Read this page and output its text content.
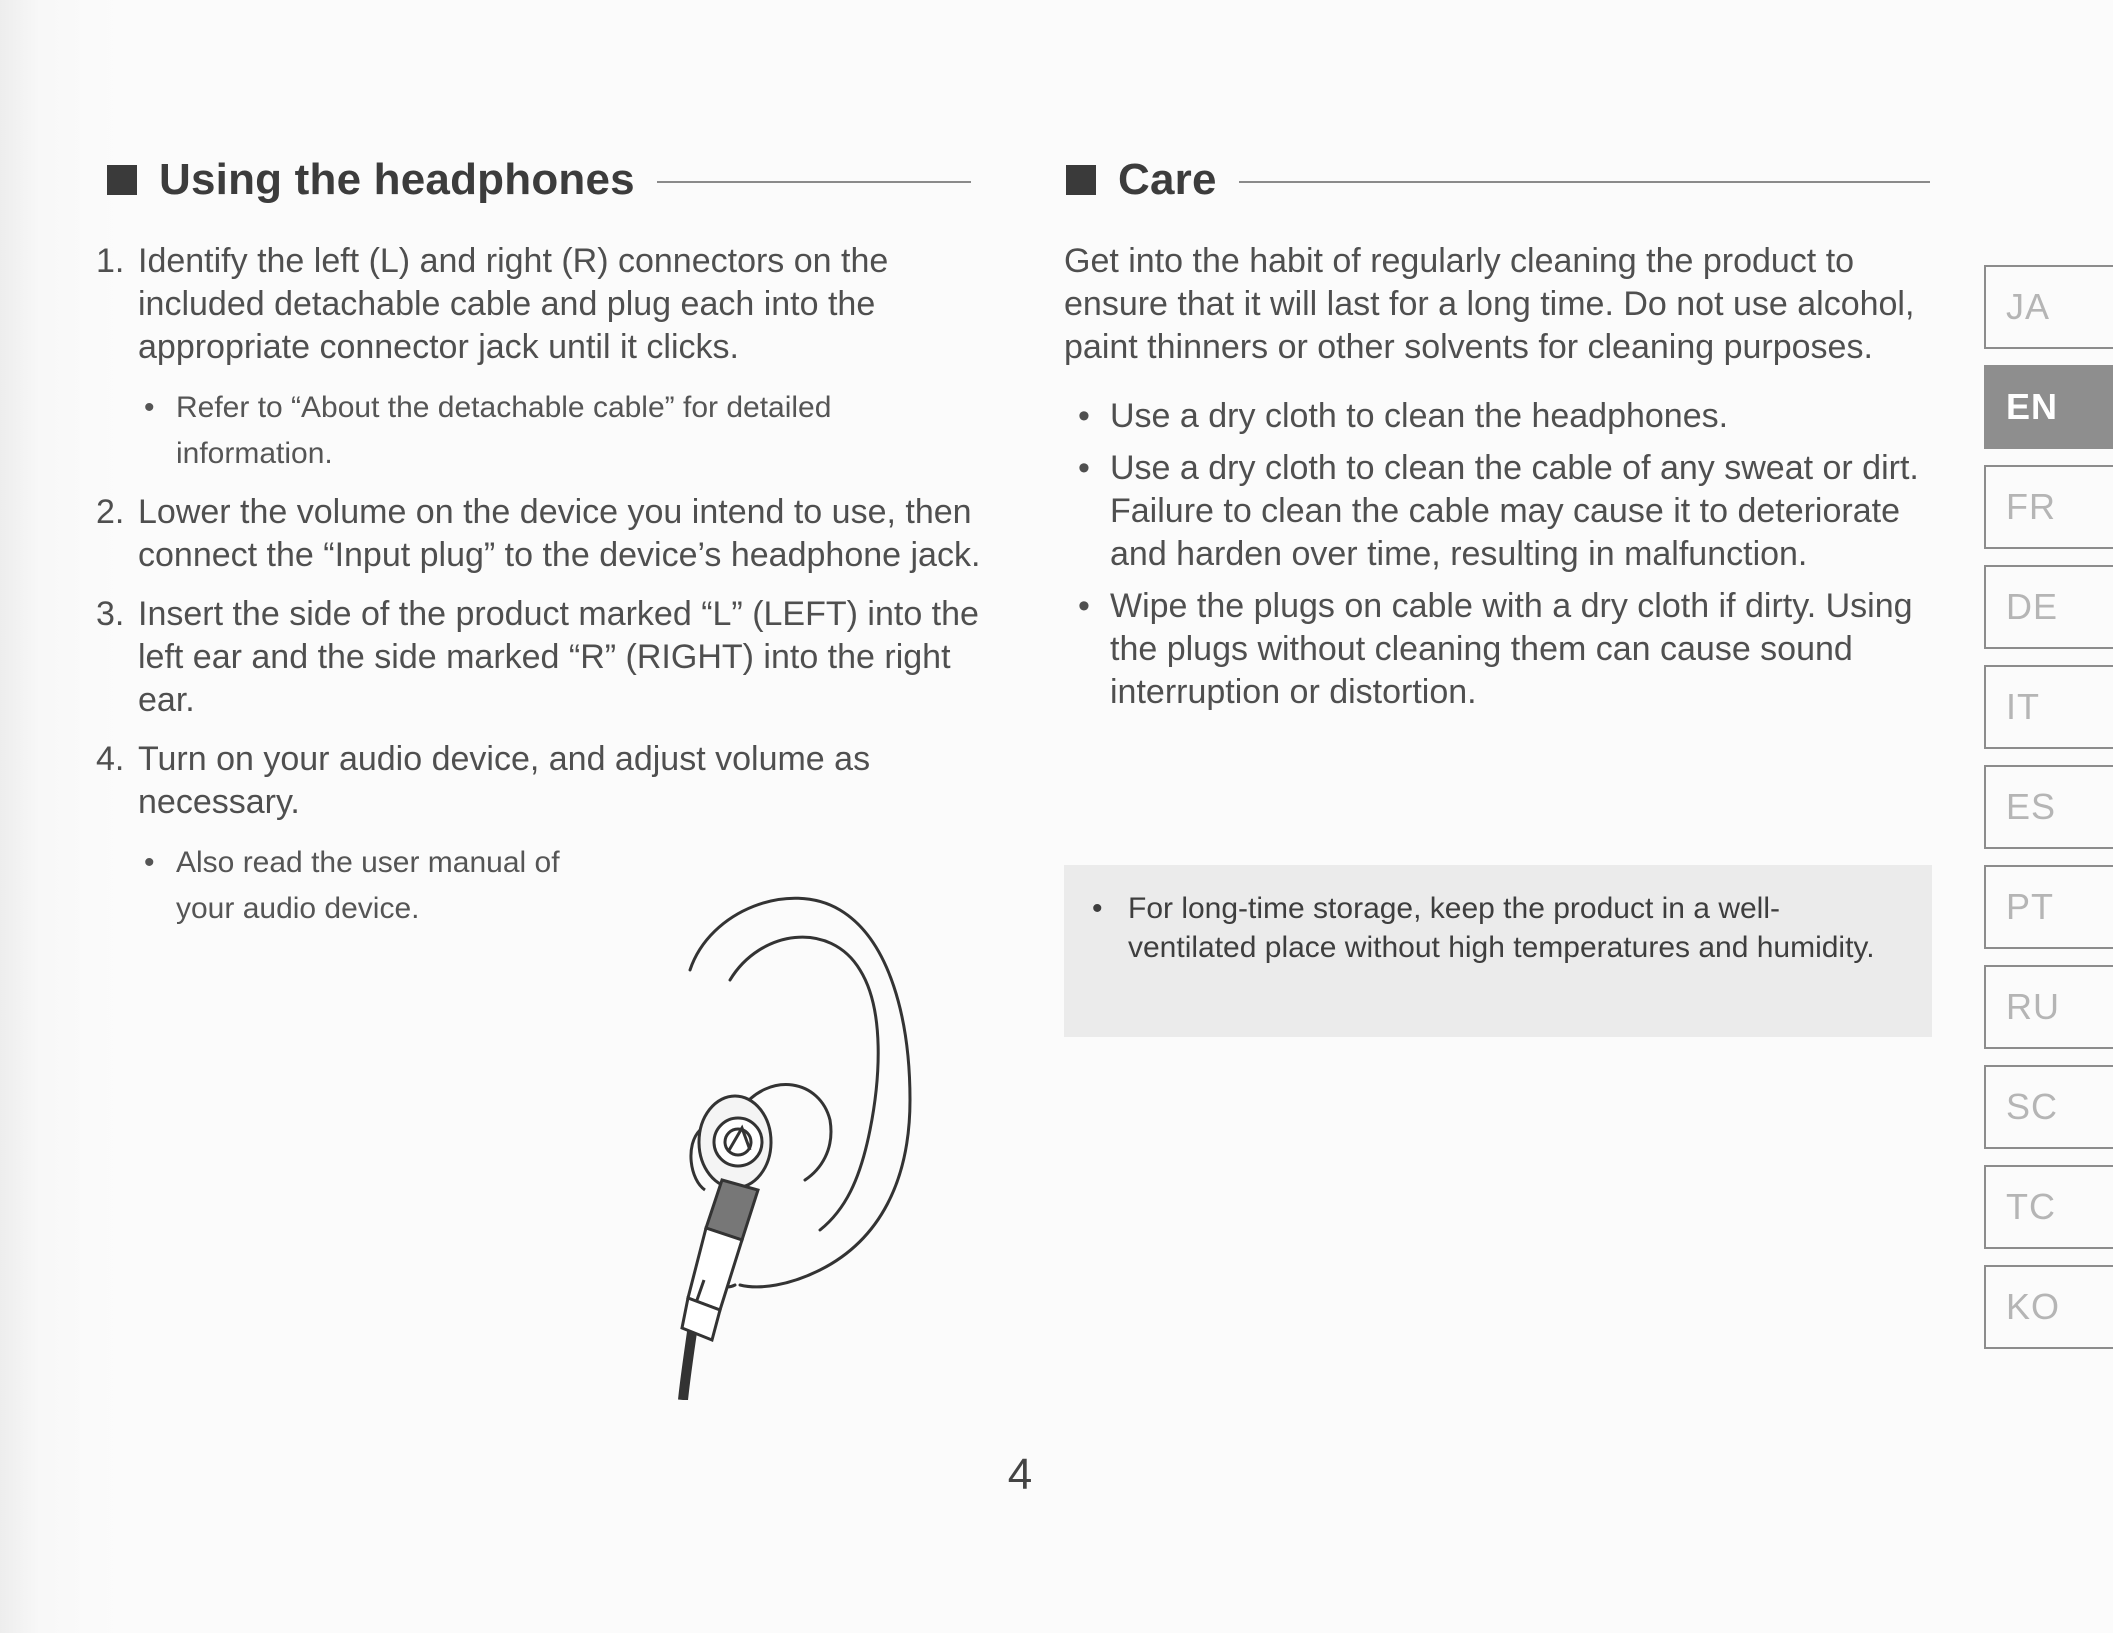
Using the headphones
1. Identify the left (L) and right (R) connectors on the included detachable cable and plug each into the appropriate connector jack until it clicks.
• Refer to “About the detachable cable” for detailed information.
2. Lower the volume on the device you intend to use, then connect the “Input plug” to the device’s headphone jack.
3. Insert the side of the product marked “L” (LEFT) into the left ear and the side marked “R” (RIGHT) into the right ear.
4. Turn on your audio device, and adjust volume as necessary.
• Also read the user manual of your audio device.
Care
Get into the habit of regularly cleaning the product to ensure that it will last for a long time. Do not use alcohol, paint thinners or other solvents for cleaning purposes.
• Use a dry cloth to clean the headphones.
• Use a dry cloth to clean the cable of any sweat or dirt. Failure to clean the cable may cause it to deteriorate and harden over time, resulting in malfunction.
• Wipe the plugs on cable with a dry cloth if dirty. Using the plugs without cleaning them can cause sound interruption or distortion.
• For long-time storage, keep the product in a well-ventilated place without high temperatures and humidity.
4
JA
EN
FR
DE
IT
ES
PT
RU
SC
TC
KO
